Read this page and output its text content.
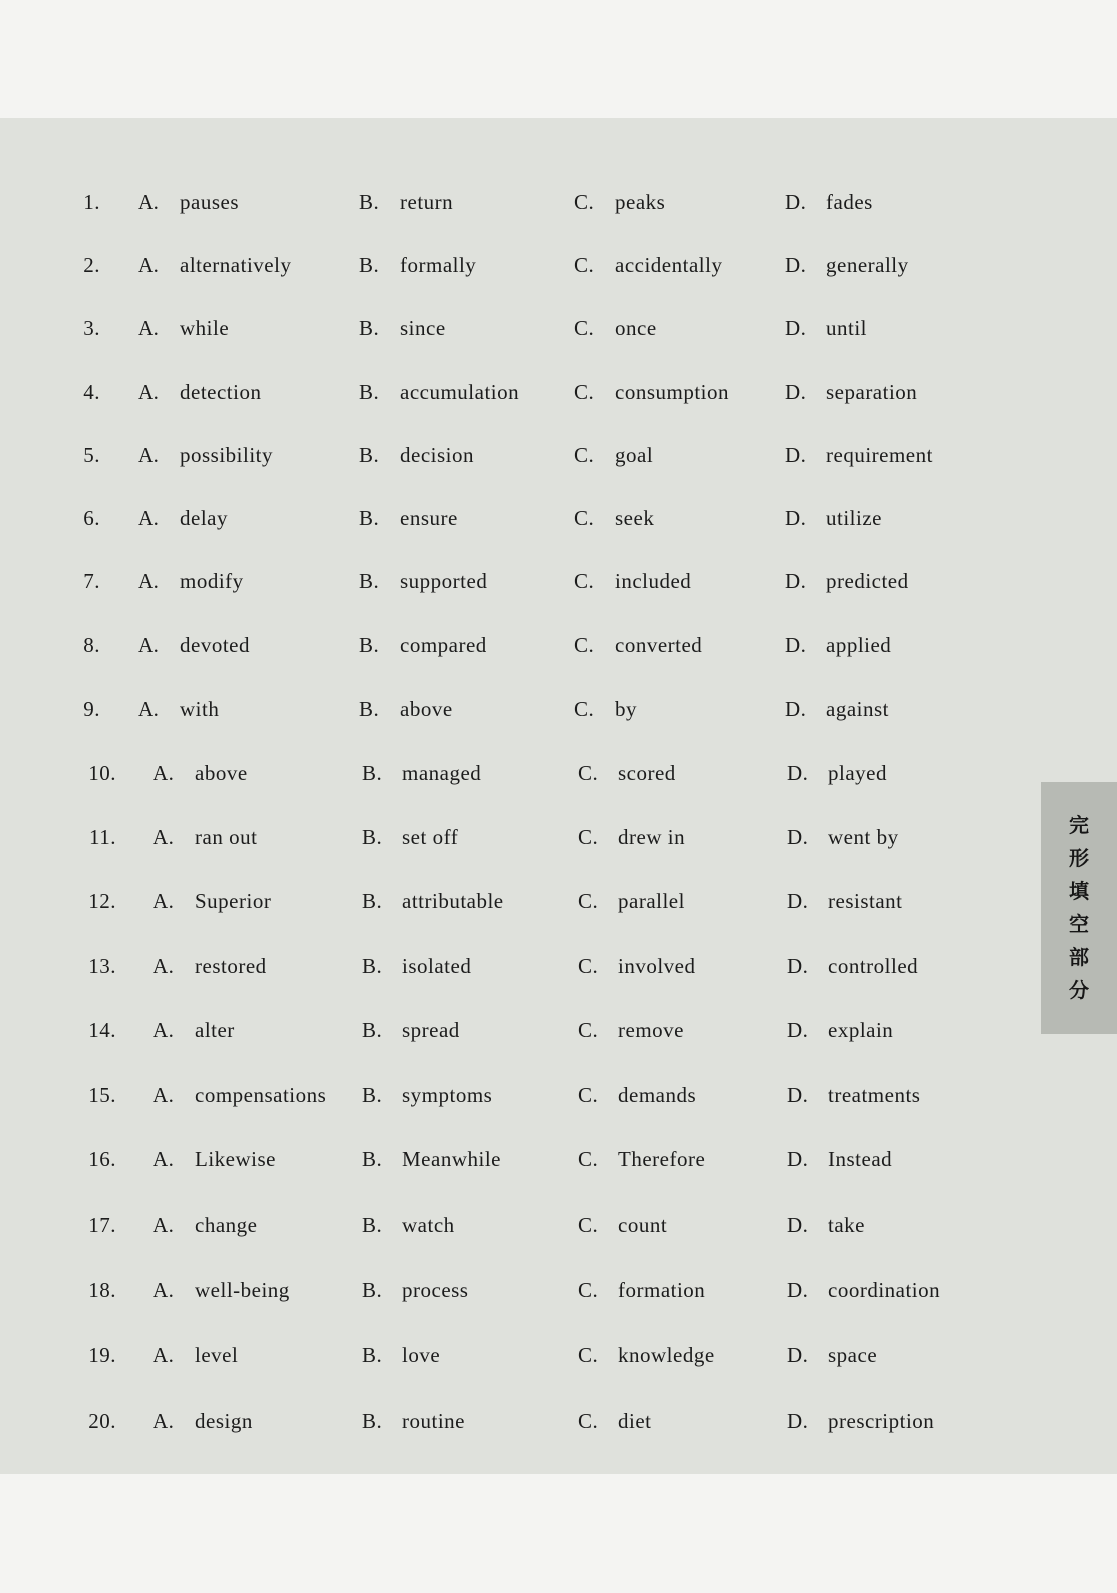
完
形
填
空
部
分
1. A. pauses	B. return	C. peaks	D. fades
2. A. alternatively	B. formally	C. accidentally	D. generally
3. A. while	B. since	C. once	D. until
4. A. detection	B. accumulation	C. consumption	D. separation
5. A. possibility	B. decision	C. goal	D. requirement
6. A. delay	B. ensure	C. seek	D. utilize
7. A. modify	B. supported	C. included	D. predicted
8. A. devoted	B. compared	C. converted	D. applied
9. A. with	B. above	C. by	D. against
10. A. above	B. managed	C. scored	D. played
11. A. ran out	B. set off	C. drew in	D. went by
12. A. Superior	B. attributable	C. parallel	D. resistant
13. A. restored	B. isolated	C. involved	D. controlled
14. A. alter	B. spread	C. remove	D. explain
15. A. compensations B. symptoms	C. demands	D. treatments
16. A. Likewise	B. Meanwhile	C. Therefore	D. Instead
17. A. change	B. watch	C. count	D. take
18. A. well-being	B. process	C. formation	D. coordination
19. A. level	B. love	C. knowledge	D. space
20. A. design	B. routine	C. diet	D. prescription
